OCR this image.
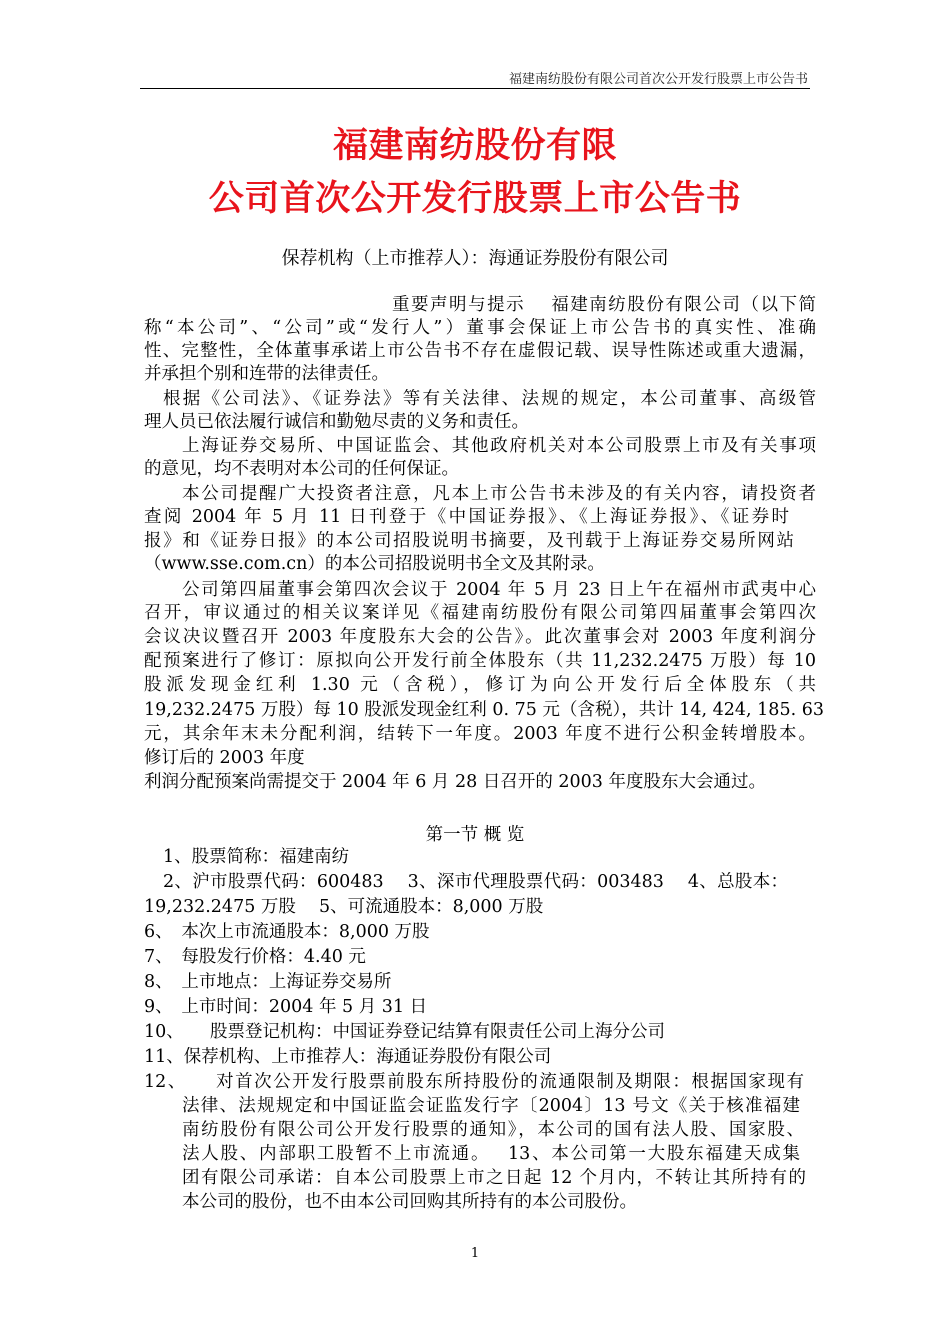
福建南纺股份有限公司首次公开发行股票上市公告书
福建南纺股份有限
公司首次公开发行股票上市公告书
保荐机构（上市推荐人）：海通证券股份有限公司
重要声明与提示　 福建南纺股份有限公司（以下简
称“本公司”、“公司”或“发行人”）董事会保证上市公告书的真实性、准确
性、完整性，全体董事承诺上市公告书不存在虚假记载、误导性陈述或重大遗漏，
并承担个别和连带的法律责任。
根据《公司法》、《证券法》等有关法律、法规的规定，本公司董事、高级管
理人员已依法履行诚信和勤勉尽责的义务和责任。
上海证券交易所、中国证监会、其他政府机关对本公司股票上市及有关事项
的意见，均不表明对本公司的任何保证。
本公司提醒广大投资者注意，凡本上市公告书未涉及的有关内容，请投资者
查阅 2004 年 5 月 11 日刊登于《中国证券报》、《上海证券报》、《证券时
报》和《证券日报》的本公司招股说明书摘要，及刊载于上海证券交易所网站
（www.sse.com.cn）的本公司招股说明书全文及其附录。
公司第四届董事会第四次会议于 2004 年 5 月 23 日上午在福州市武夷中心
召开，审议通过的相关议案详见《福建南纺股份有限公司第四届董事会第四次
会议决议暨召开 2003 年度股东大会的公告》。此次董事会对 2003 年度利润分
配预案进行了修订：原拟向公开发行前全体股东（共 11,232.2475 万股）每 10
股派发现金红利 1.30 元（含税），修订为向公开发行后全体股东（共
19,232.2475 万股）每 10 股派发现金红利 0. 75 元（含税），共计 14, 424, 185. 63
元，其余年末未分配利润，结转下一年度。2003 年度不进行公积金转增股本。
修订后的 2003 年度
利润分配预案尚需提交于 2004 年 6 月 28 日召开的 2003 年度股东大会通过。
第一节 概 览
1、股票简称：福建南纺
2、沪市股票代码：600483　 3、深市代理股票代码：003483　 4、总股本：
19,232.2475 万股　 5、可流通股本：8,000 万股
6、　本次上市流通股本：8,000 万股
7、　每股发行价格：4.40 元
8、　上市地点：上海证券交易所
9、　上市时间：2004 年 5 月 31 日
10、　　股票登记机构：中国证券登记结算有限责任公司上海分公司
11、保荐机构、上市推荐人：海通证券股份有限公司
12、　　对首次公开发行股票前股东所持股份的流通限制及期限：根据国家现有
法律、法规规定和中国证监会证监发行字〔2004〕13 号文《关于核准福建
南纺股份有限公司公开发行股票的通知》，本公司的国有法人股、国家股、
法人股、内部职工股暂不上市流通。　 13、本公司第一大股东福建天成集
团有限公司承诺：自本公司股票上市之日起 12 个月内，不转让其所持有的
本公司的股份，也不由本公司回购其所持有的本公司股份。
1
